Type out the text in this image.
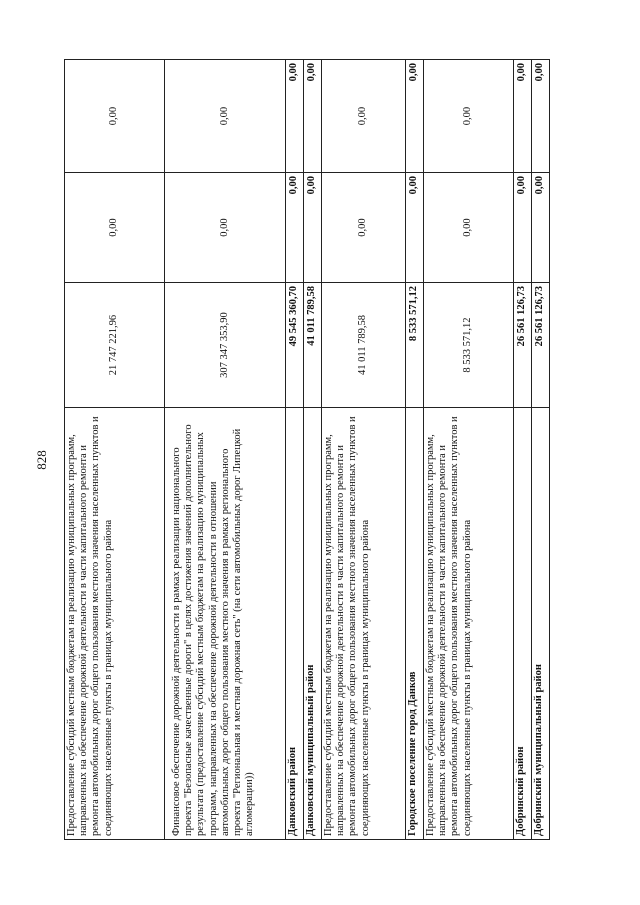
828 Предоставление субсидий местным бюджетам на реализацию муниципальных программ, направленных на обеспечение дорожной деятельности в части капитального ремонта и ремонта автомобильных дорог общего пользования местного значения населенных пунктов и соединяющих населенные пункты в границах муниципального района	21 747 221,96	0,00	0,00
Финансовое обеспечение дорожной деятельности в рамках реализации национального проекта "Безопасные качественные дороги" в целях достижения значений дополнительного результата (предоставление субсидий местным бюджетам на реализацию муниципальных программ, направленных на обеспечение дорожной деятельности в отношении автомобильных дорог общего пользования местного значения в рамках регионального проекта "Региональная и местная дорожная сеть" (на сети автомобильных дорог Липецкой агломерации))	307 347 353,90	0,00	0,00
Данковский район	49 545 360,70	0,00	0,00
Данковский муниципальный район	41 011 789,58	0,00	0,00
Предоставление субсидий местным бюджетам на реализацию муниципальных программ, направленных на обеспечение дорожной деятельности в части капитального ремонта и ремонта автомобильных дорог общего пользования местного значения населенных пунктов и соединяющих населенные пункты в границах муниципального района	41 011 789,58	0,00	0,00
Городское поселение город Данков	8 533 571,12	0,00	0,00
Предоставление субсидий местным бюджетам на реализацию муниципальных программ, направленных на обеспечение дорожной деятельности в части капитального ремонта и ремонта автомобильных дорог общего пользования местного значения населенных пунктов и соединяющих населенные пункты в границах муниципального района	8 533 571,12	0,00	0,00
Добринский район	26 561 126,73	0,00	0,00
Добринский муниципальный район	26 561 126,73	0,00	0,00
